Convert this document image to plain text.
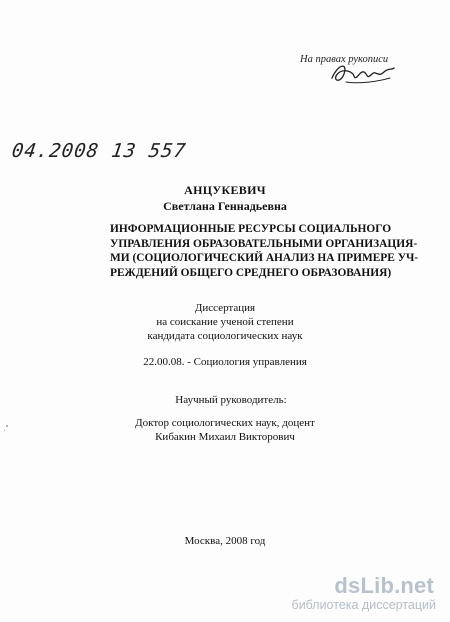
На правах рукописи
04.2008 13 557
АНЦУКЕВИЧ
Светлана Геннадьевна
ИНФОРМАЦИОННЫЕ РЕСУРСЫ СОЦИАЛЬНОГО
УПРАВЛЕНИЯ ОБРАЗОВАТЕЛЬНЫМИ ОРГАНИЗАЦИЯ-
МИ (СОЦИОЛОГИЧЕСКИЙ АНАЛИЗ НА ПРИМЕРЕ УЧ-
РЕЖДЕНИЙ ОБЩЕГО СРЕДНЕГО ОБРАЗОВАНИЯ)
Диссертация
на соискание ученой степени
кандидата социологических наук
22.00.08. - Социология управления
Научный руководитель:
Доктор социологических наук, доцент
Кибакин Михаил Викторович
Москва, 2008 год
dsLib.net
библиотека диссертаций
